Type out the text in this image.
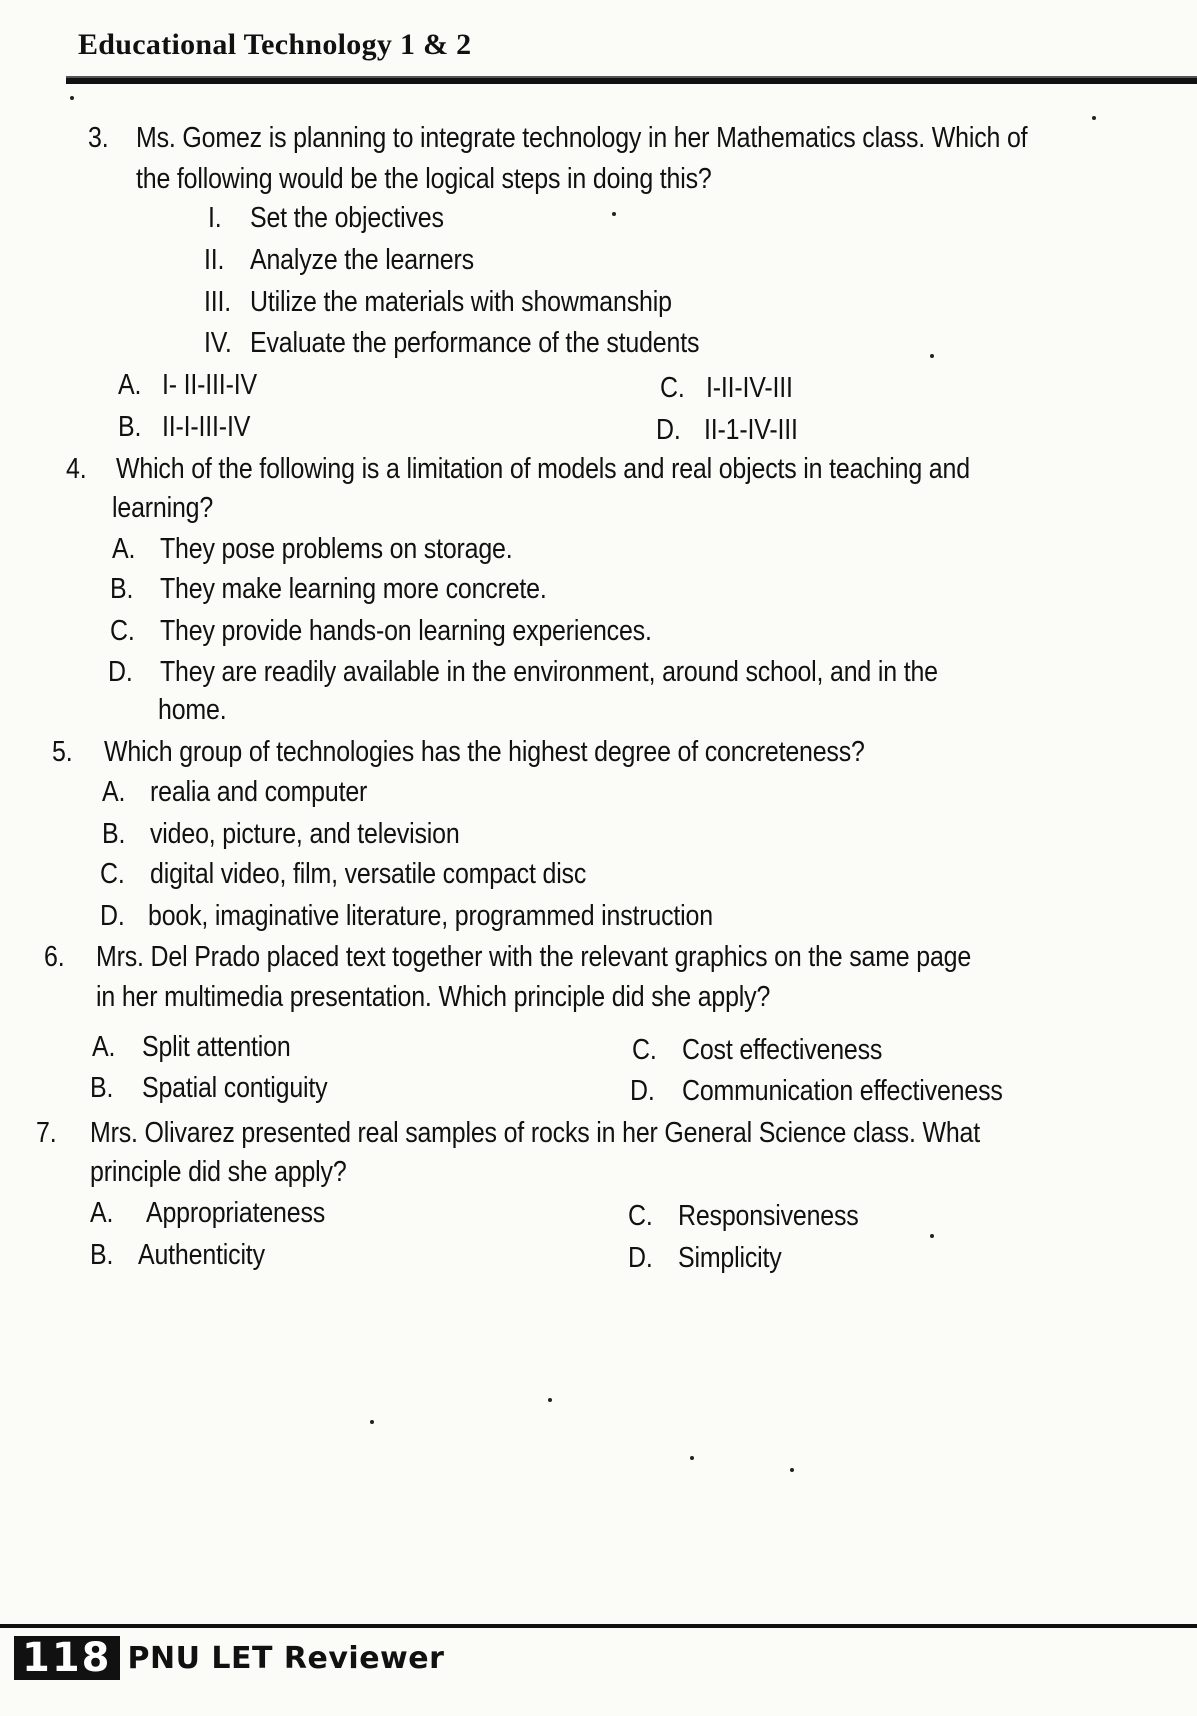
Educational Technology 1 & 2
3. Ms. Gomez is planning to integrate technology in her Mathematics class. Which of
the following would be the logical steps in doing this?
I. Set the objectives
II. Analyze the learners
III. Utilize the materials with showmanship
IV. Evaluate the performance of the students
A. I- II-III-IV
B. II-I-III-IV
C. I-II-IV-III
D. II-1-IV-III
4. Which of the following is a limitation of models and real objects in teaching and
learning?
A. They pose problems on storage.
B. They make learning more concrete.
C. They provide hands-on learning experiences.
D. They are readily available in the environment, around school, and in the
home.
5. Which group of technologies has the highest degree of concreteness?
A. realia and computer
B. video, picture, and television
C. digital video, film, versatile compact disc
D. book, imaginative literature, programmed instruction
6. Mrs. Del Prado placed text together with the relevant graphics on the same page
in her multimedia presentation. Which principle did she apply?
A. Split attention
B. Spatial contiguity
C. Cost effectiveness
D. Communication effectiveness
7. Mrs. Olivarez presented real samples of rocks in her General Science class. What
principle did she apply?
A. Appropriateness
B. Authenticity
C. Responsiveness
D. Simplicity
118 PNU LET Reviewer
